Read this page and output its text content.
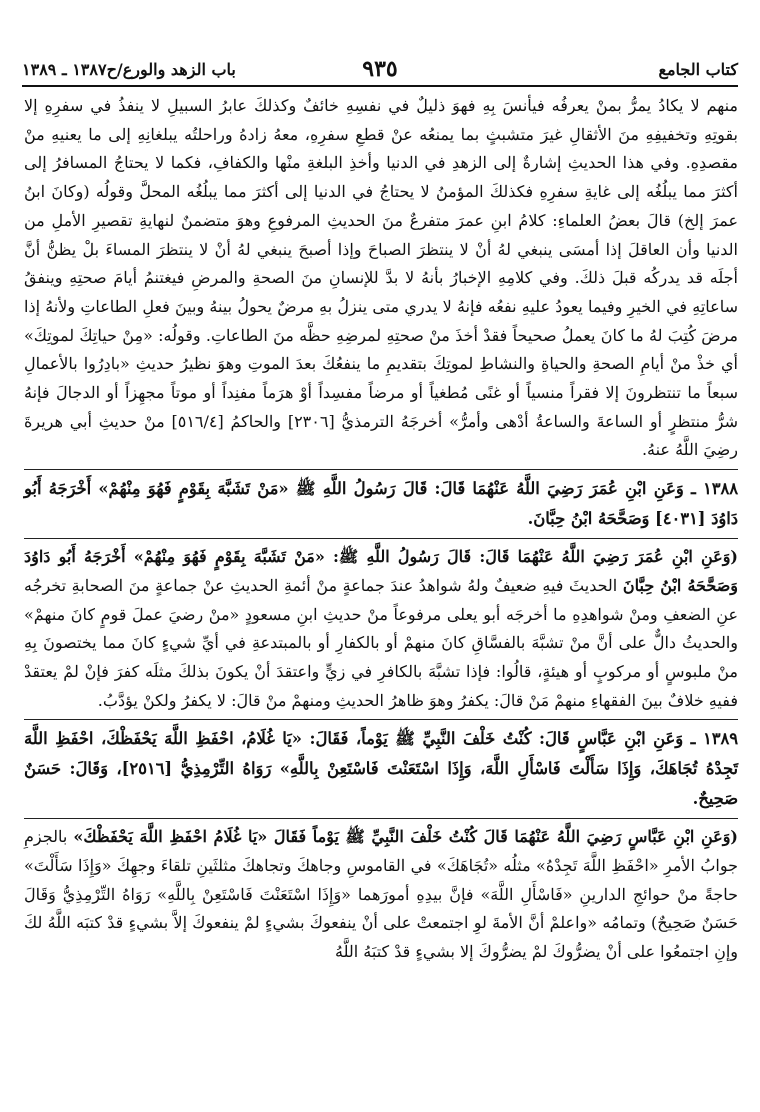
كتاب الجامع
٩٣٥
باب الزهد والورع/ح١٣٨٧ ـ ١٣٨٩

منهم لا يكادُ يمرُّ بمنْ يعرفُه فيأنسَ بِهِ فهوَ ذليلٌ في نفسِهِ خائفٌ وكذلكَ عابرُ السبيلِ لا ينفذُ في سفرِهِ إلا بقوتِهِ وتخفيفِهِ منَ الأثقالِ غيرَ متشبثٍ بما يمنعُه عنْ قطعِ سفرِهِ، معهُ زادهُ وراحلتُه يبلغانِهِ إلى ما يعنيهِ منْ مقصدِهِ. وفي هذا الحديثِ إشارةٌ إلى الزهدِ في الدنيا وأخذِ البلغةِ منْها والكفافِ، فكما لا يحتاجُ المسافرُ إلى أكثرَ مما يبلُغُه إلى غايةِ سفرِهِ فكذلكَ المؤمنُ لا يحتاجُ في الدنيا إلى أكثرَ مما يبلُغُه المحلَّ وقولُه (وكانَ ابنُ عمرَ إلخ) قالَ بعضُ العلماءِ: كلامُ ابنِ عمرَ متفرعٌ منَ الحديثِ المرفوعِ وهوَ متضمنٌ لنهايةِ تقصيرِ الأملِ من الدنيا وأن العاقلَ إذا أمسَى ينبغي لهُ أنْ لا ينتظرَ الصباحَ وإذا أصبحَ ينبغي لهُ أنْ لا ينتظرَ المساءَ بلْ يظنُّ أنَّ أجلَه قد يدركُه قبلَ ذلكَ. وفي كلامِهِ الإخبارُ بأنهُ لا بدَّ للإنسانِ منَ الصحةِ والمرضِ فيغتنمُ أيامَ صحتِهِ وينفقُ ساعاتِهِ في الخيرِ وفيما يعودُ عليهِ نفعُه فإنهُ لا يدري متى ينزلُ بهِ مرضٌ يحولُ بينهُ وبينَ فعلِ الطاعاتِ ولأنهُ إذا مرضَ كُتِبَ لهُ ما كانَ يعملُ صحيحاً فقدْ أخذَ منْ صحتِهِ لمرضِهِ حظَّه منَ الطاعاتِ. وقولُه: «مِنْ حياتِكَ لموتِكَ» أي خذْ منْ أيامِ الصحةِ والحياةِ والنشاطِ لموتِكَ بتقديمِ ما ينفعُكَ بعدَ الموتِ وهوَ نظيرُ حديثِ «بادِرُوا بالأعمالِ سبعاً ما تنتظرونَ إلا فقراً منسياً أو غنًى مُطغياً أو مرضاً مفسِداً أوْ هرَماً مفنِداً أو موتاً مجهِزاً أو الدجالَ فإنهُ شرُّ منتظرٍ أو الساعةَ والساعةُ أدْهى وأمرُّ» أخرجَهُ الترمذيُّ [٢٣٠٦] والحاكمُ [٥١٦/٤] منْ حديثِ أبي هريرةَ رضِيَ اللَّهُ عنهُ.

١٣٨٨ ـ وَعَنِ ابْنِ عُمَرَ رَضِيَ اللَّهُ عَنْهُمَا قَالَ: قَالَ رَسُولُ اللَّهِ ﷺ «مَنْ تَشَبَّهَ بِقَوْمٍ فَهُوَ مِنْهُمْ» أَخْرَجَهُ أَبُو دَاوُدَ [٤٠٣١] وَصَحَّحَهُ ابْنُ حِبَّانَ.

(وَعَنِ ابْنِ عُمَرَ رَضِيَ اللَّهُ عَنْهُمَا قَالَ: قَالَ رَسُولُ اللَّهِ ﷺ: «مَنْ تَشَبَّهَ بِقَوْمٍ فَهُوَ مِنْهُمْ» أَخْرَجَهُ أَبُو دَاوُدَ وَصَحَّحَهُ ابْنُ حِبَّانَ الحديثَ فيهِ ضعيفٌ ولهُ شواهدُ عندَ جماعةٍ منْ أئمةِ الحديثِ عنْ جماعةٍ منَ الصحابةِ تخرجُه عنِ الضعفِ ومنْ شواهدِهِ ما أخرجَه أبو يعلى مرفوعاً منْ حديثِ ابنِ مسعودٍ «منْ رضيَ عملَ قومٍ كانَ منهمْ» والحديثُ دالٌّ على أنَّ منْ تشبَّهَ بالفسَّاقِ كانَ منهمْ أو بالكفارِ أو بالمبتدعةِ في أيِّ شيءٍ كانَ مما يختصونَ بِهِ منْ ملبوسٍ أو مركوبٍ أو هيئةٍ، قالُوا: فإذا تشبَّهَ بالكافرِ في زيٍّ واعتقدَ أنْ يكونَ بذلكَ مثلَه كفرَ فإنْ لمْ يعتقدْ ففيهِ خلافٌ بينَ الفقهاءِ منهمْ مَنْ قالَ: يكفرُ وهوَ ظاهرُ الحديثِ ومنهمْ منْ قالَ: لا يكفرُ ولكنْ يؤدَّبُ.

١٣٨٩ ـ وَعَنِ ابْنِ عَبَّاسٍ قَالَ: كُنْتُ خَلْفَ النَّبِيِّ ﷺ يَوْماً، فَقَالَ: «يَا غُلَامُ، احْفَظِ اللَّهَ يَحْفَظْكَ، احْفَظِ اللَّهَ تَجِدْهُ تُجَاهَكَ، وَإِذَا سَأَلْتَ فَاسْأَلِ اللَّهَ، وَإِذَا اسْتَعَنْتَ فَاسْتَعِنْ بِاللَّهِ» رَوَاهُ التِّرْمِذِيُّ [٢٥١٦]، وَقَالَ: حَسَنٌ صَحِيحٌ.

(وَعَنِ ابْنِ عَبَّاسٍ رَضِيَ اللَّهُ عَنْهُمَا قَالَ كُنْتُ خَلْفَ النَّبِيِّ ﷺ يَوْماً فَقَالَ «يَا غُلَامُ احْفَظِ اللَّهَ يَحْفَظْكَ» بالجزمِ جوابُ الأمرِ «احْفَظِ اللَّهَ تَجِدْهُ» مثلُه «تُجَاهَكَ» في القاموسِ وجاهكَ وتجاهكَ مثلثَينِ تلقاءَ وجهِكَ «وَإِذَا سَأَلْتَ» حاجةً منْ حوائجِ الدارينِ «فَاسْأَلِ اللَّهَ» فإنَّ بيدِهِ أمورَهما «وَإِذَا اسْتَعَنْتَ فَاسْتَعِنْ بِاللَّهِ» رَوَاهُ التِّرْمِذِيُّ وَقَالَ حَسَنٌ صَحِيحٌ) وتمامُه «واعلمْ أنَّ الأمةَ لوِ اجتمعتْ على أنْ ينفعوكَ بشيءٍ لمْ ينفعوكَ إلاَّ بشيءٍ قدْ كتبَه اللَّهُ لكَ وإنِ اجتمعُوا على أنْ يضرُّوكَ لمْ يضرُّوكَ إلا بشيءٍ قدْ كتبَهُ اللَّهُ
